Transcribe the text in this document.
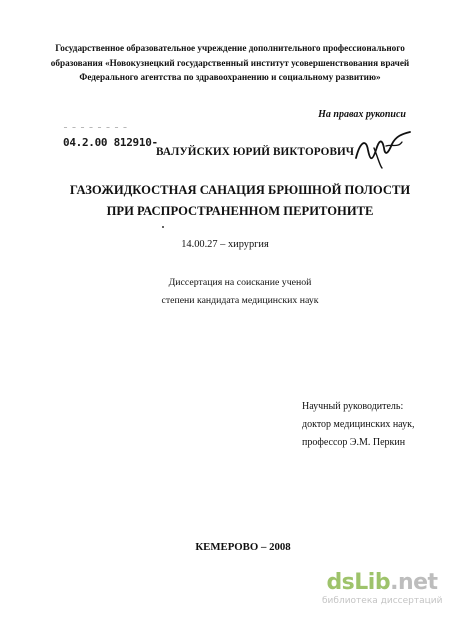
Государственное образовательное учреждение дополнительного профессионального
образования «Новокузнецкий государственный институт усовершенствования врачей
Федерального агентства по здравоохранению и социальному развитию»
На правах рукописи
– – – – – – – –
04.2.00 812910-
ВАЛУЙСКИХ ЮРИЙ ВИКТОРОВИЧ
ГАЗОЖИДКОСТНАЯ САНАЦИЯ БРЮШНОЙ ПОЛОСТИ
ПРИ РАСПРОСТРАНЕННОМ ПЕРИТОНИТЕ
14.00.27 – хирургия
Диссертация на соискание ученой
степени кандидата медицинских наук
Научный руководитель:
доктор медицинских наук,
профессор Э.М. Перкин
КЕМЕРОВО – 2008
dsLib.net
библиотека диссертаций
